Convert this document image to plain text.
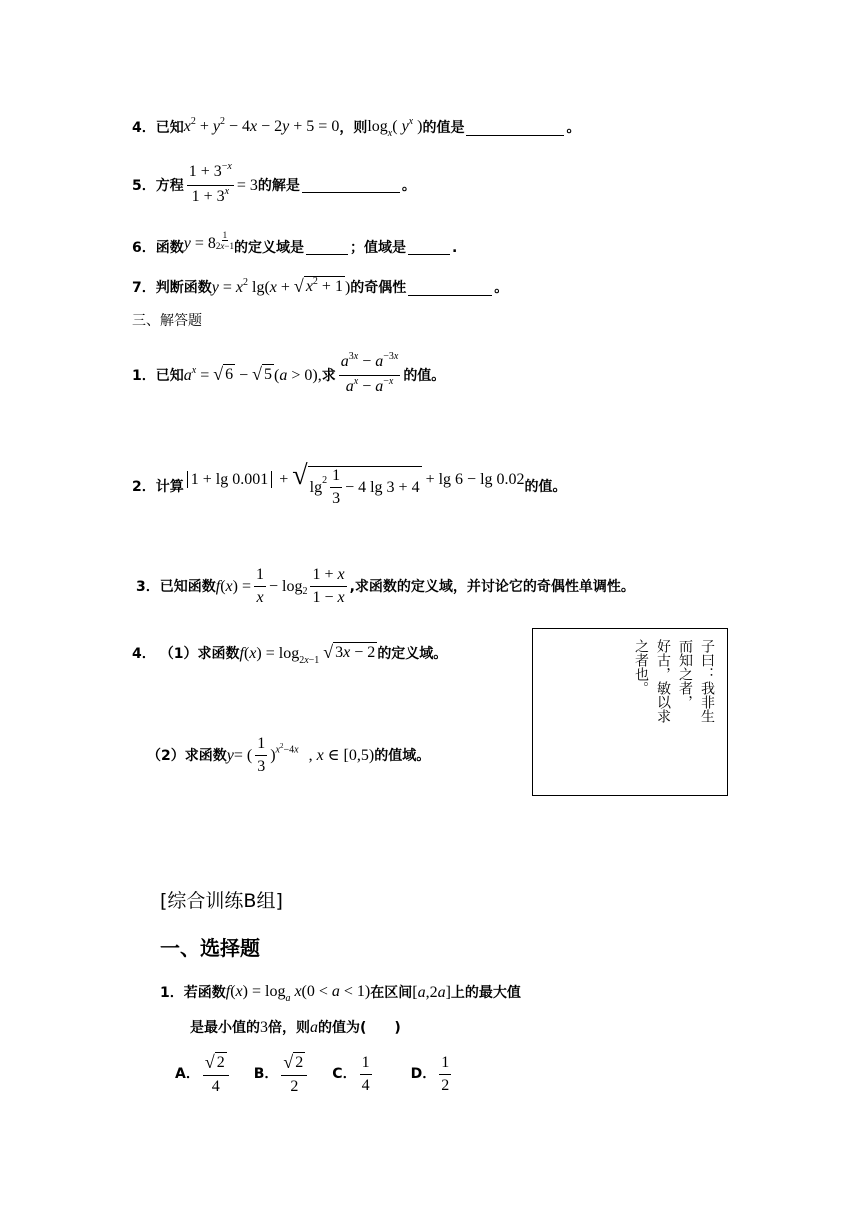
4． 已知 $x^2 + y^2 - 4x - 2y + 5 = 0$ ，则 $\log_x$( $y^x$ ) 的值是	。
5． 方程 $\frac{1 + 3^{-x}}{1 + 3^x} = 3$ 的解是	。
6． 函数 $y = 8 \frac{1}{2x-1}$ 的定义域是	；值域是	.
7． 判断函数 $y = x^2$ lg(x + √ $x^2 + 1$ ) 的奇偶性	。
三、解答题
1． 已知 $a^x$ = √ 6 − √ 5 (a > 0), 求 $\frac{a^{3x} - a^{-3x}}{a^x - a^{-x}}$ 的值。
2． 计算 1 + lg 0.001 + √ $\lg 2 \frac{1}{3} - 4$ lg 3 + 4 + lg 6 − lg 0.02 的值。
3． 已知函数 f ( x ) = $\frac{1}{x} - \log 2 \frac{1 + x}{1 - x}$ ,求函数的定义域，并讨论它的奇偶性单调性。
4． （1）求函数 $f(x) = \log_{2x-1}$ √ 3x − 2 的定义域。
（2）求函数 y = ( $\frac{1}{3}$ ) $x^2-4x$ , x ∈ [0,5) 的值域。
子曰：我非生
而知之者，
好古，敏以求
之者也。
[综合训练B组]
一、选择题
1． 若函数 $f(x) = \log_a x(0 < a < 1)$ 在区间 [a,2a] 上的最大值
是最小值的 3 倍，则 a 的值为(　　)
A． $\frac{√ 2}{4}$ B． $\frac{√ 2}{2}$ C． $\frac{1}{4}$	D． $\frac{1}{2}$
